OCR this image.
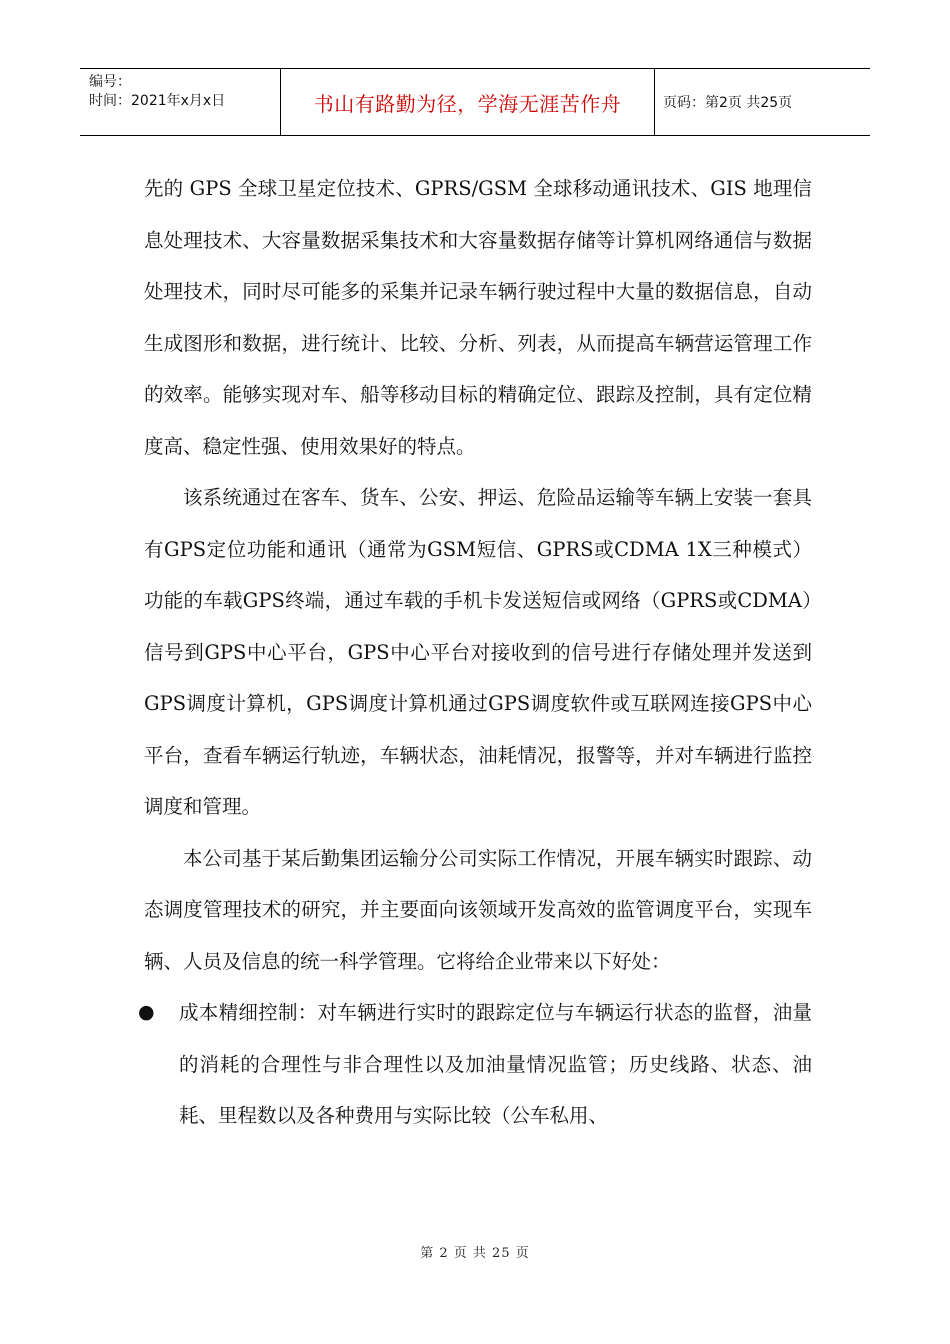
编号：
时间：2021年x月x日	书山有路勤为径，学海无涯苦作舟	页码：第2页 共25页

先的 GPS 全球卫星定位技术、GPRS/GSM 全球移动通讯技术、GIS 地理信息处理技术、大容量数据采集技术和大容量数据存储等计算机网络通信与数据处理技术，同时尽可能多的采集并记录车辆行驶过程中大量的数据信息，自动生成图形和数据，进行统计、比较、分析、列表，从而提高车辆营运管理工作的效率。能够实现对车、船等移动目标的精确定位、跟踪及控制，具有定位精度高、稳定性强、使用效果好的特点。

该系统通过在客车、货车、公安、押运、危险品运输等车辆上安装一套具有GPS定位功能和通讯（通常为GSM短信、GPRS或CDMA 1X三种模式）功能的车载GPS终端，通过车载的手机卡发送短信或网络（GPRS或CDMA）信号到GPS中心平台，GPS中心平台对接收到的信号进行存储处理并发送到GPS调度计算机，GPS调度计算机通过GPS调度软件或互联网连接GPS中心平台，查看车辆运行轨迹，车辆状态，油耗情况，报警等，并对车辆进行监控调度和管理。

本公司基于某后勤集团运输分公司实际工作情况，开展车辆实时跟踪、动态调度管理技术的研究，并主要面向该领域开发高效的监管调度平台，实现车辆、人员及信息的统一科学管理。它将给企业带来以下好处：

● 成本精细控制：对车辆进行实时的跟踪定位与车辆运行状态的监督，油量的消耗的合理性与非合理性以及加油量情况监管；历史线路、状态、油耗、里程数以及各种费用与实际比较（公车私用、
第 2 页 共 25 页
